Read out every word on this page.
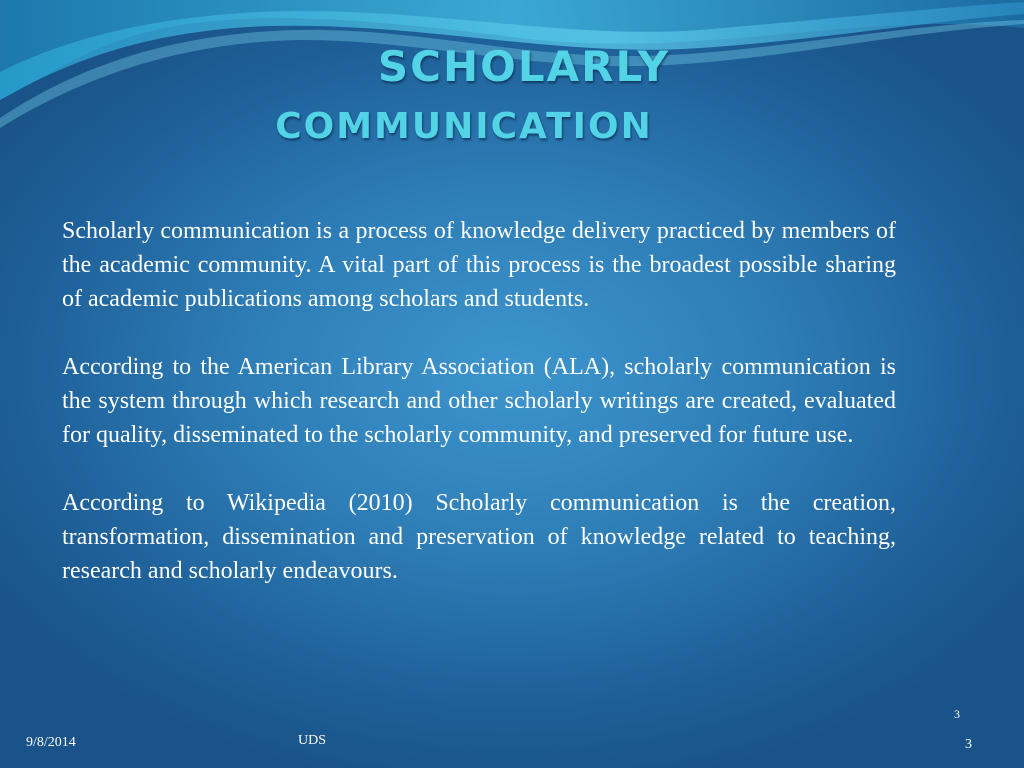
SCHOLARLY
COMMUNICATION

Scholarly communication is a process of knowledge delivery practiced by members of the academic community. A vital part of this process is the broadest possible sharing of academic publications among scholars and students.

According to the American Library Association (ALA), scholarly communication is the system through which research and other scholarly writings are created, evaluated for quality, disseminated to the scholarly community, and preserved for future use.

According to Wikipedia (2010) Scholarly communication is the creation, transformation, dissemination and preservation of knowledge related to teaching, research and scholarly endeavours.

3
9/8/2014	UDS	3
